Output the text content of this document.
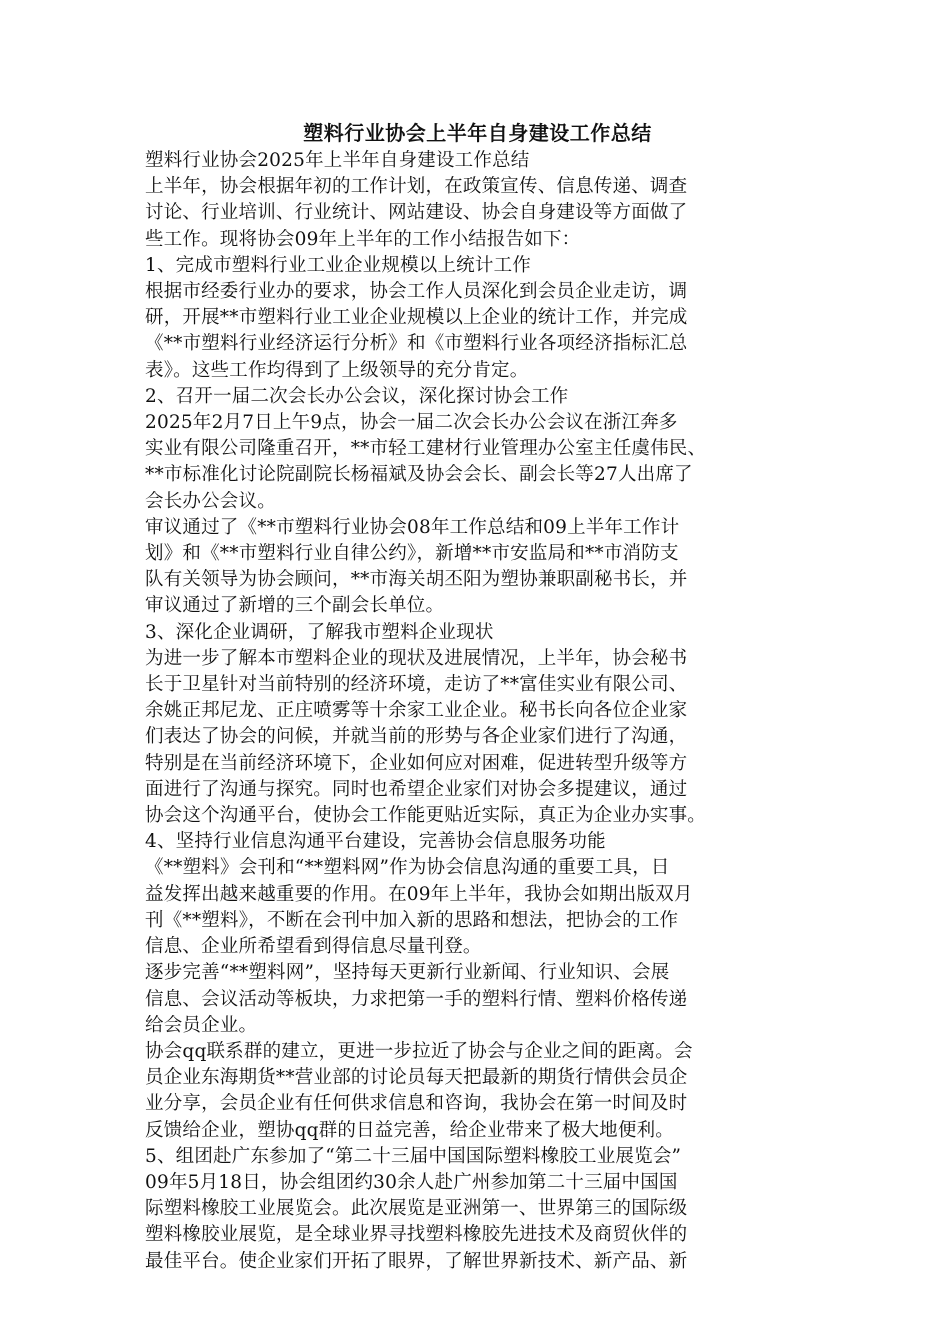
塑料行业协会上半年自身建设工作总结

塑料行业协会2025年上半年自身建设工作总结

上半年，协会根据年初的工作计划，在政策宣传、信息传递、调查

讨论、行业培训、行业统计、网站建设、协会自身建设等方面做了

些工作。现将协会09年上半年的工作小结报告如下：

1、完成市塑料行业工业企业规模以上统计工作

根据市经委行业办的要求，协会工作人员深化到会员企业走访，调

研，开展**市塑料行业工业企业规模以上企业的统计工作，并完成

《**市塑料行业经济运行分析》和《市塑料行业各项经济指标汇总

表》。这些工作均得到了上级领导的充分肯定。

2、召开一届二次会长办公会议，深化探讨协会工作

2025年2月7日上午9点，协会一届二次会长办公会议在浙江奔多

实业有限公司隆重召开，**市轻工建材行业管理办公室主任虞伟民、

**市标准化讨论院副院长杨福斌及协会会长、副会长等27人出席了

会长办公会议。

审议通过了《**市塑料行业协会08年工作总结和09上半年工作计

划》和《**市塑料行业自律公约》，新增**市安监局和**市消防支

队有关领导为协会顾问，**市海关胡丕阳为塑协兼职副秘书长，并

审议通过了新增的三个副会长单位。

3、深化企业调研，了解我市塑料企业现状

为进一步了解本市塑料企业的现状及进展情况，上半年，协会秘书

长于卫星针对当前特别的经济环境，走访了**富佳实业有限公司、

余姚正邦尼龙、正庄喷雾等十余家工业企业。秘书长向各位企业家

们表达了协会的问候，并就当前的形势与各企业家们进行了沟通，

特别是在当前经济环境下，企业如何应对困难，促进转型升级等方

面进行了沟通与探究。同时也希望企业家们对协会多提建议，通过

协会这个沟通平台，使协会工作能更贴近实际，真正为企业办实事。

4、坚持行业信息沟通平台建设，完善协会信息服务功能

《**塑料》会刊和“**塑料网”作为协会信息沟通的重要工具，日

益发挥出越来越重要的作用。在09年上半年，我协会如期出版双月

刊《**塑料》，不断在会刊中加入新的思路和想法，把协会的工作

信息、企业所希望看到得信息尽量刊登。

逐步完善“**塑料网”，坚持每天更新行业新闻、行业知识、会展

信息、会议活动等板块，力求把第一手的塑料行情、塑料价格传递

给会员企业。

协会qq联系群的建立，更进一步拉近了协会与企业之间的距离。会

员企业东海期货**营业部的讨论员每天把最新的期货行情供会员企

业分享，会员企业有任何供求信息和咨询，我协会在第一时间及时

反馈给企业，塑协qq群的日益完善，给企业带来了极大地便利。

5、组团赴广东参加了“第二十三届中国国际塑料橡胶工业展览会”

09年5月18日，协会组团约30余人赴广州参加第二十三届中国国

际塑料橡胶工业展览会。此次展览是亚洲第一、世界第三的国际级

塑料橡胶业展览，是全球业界寻找塑料橡胶先进技术及商贸伙伴的

最佳平台。使企业家们开拓了眼界，了解世界新技术、新产品、新
